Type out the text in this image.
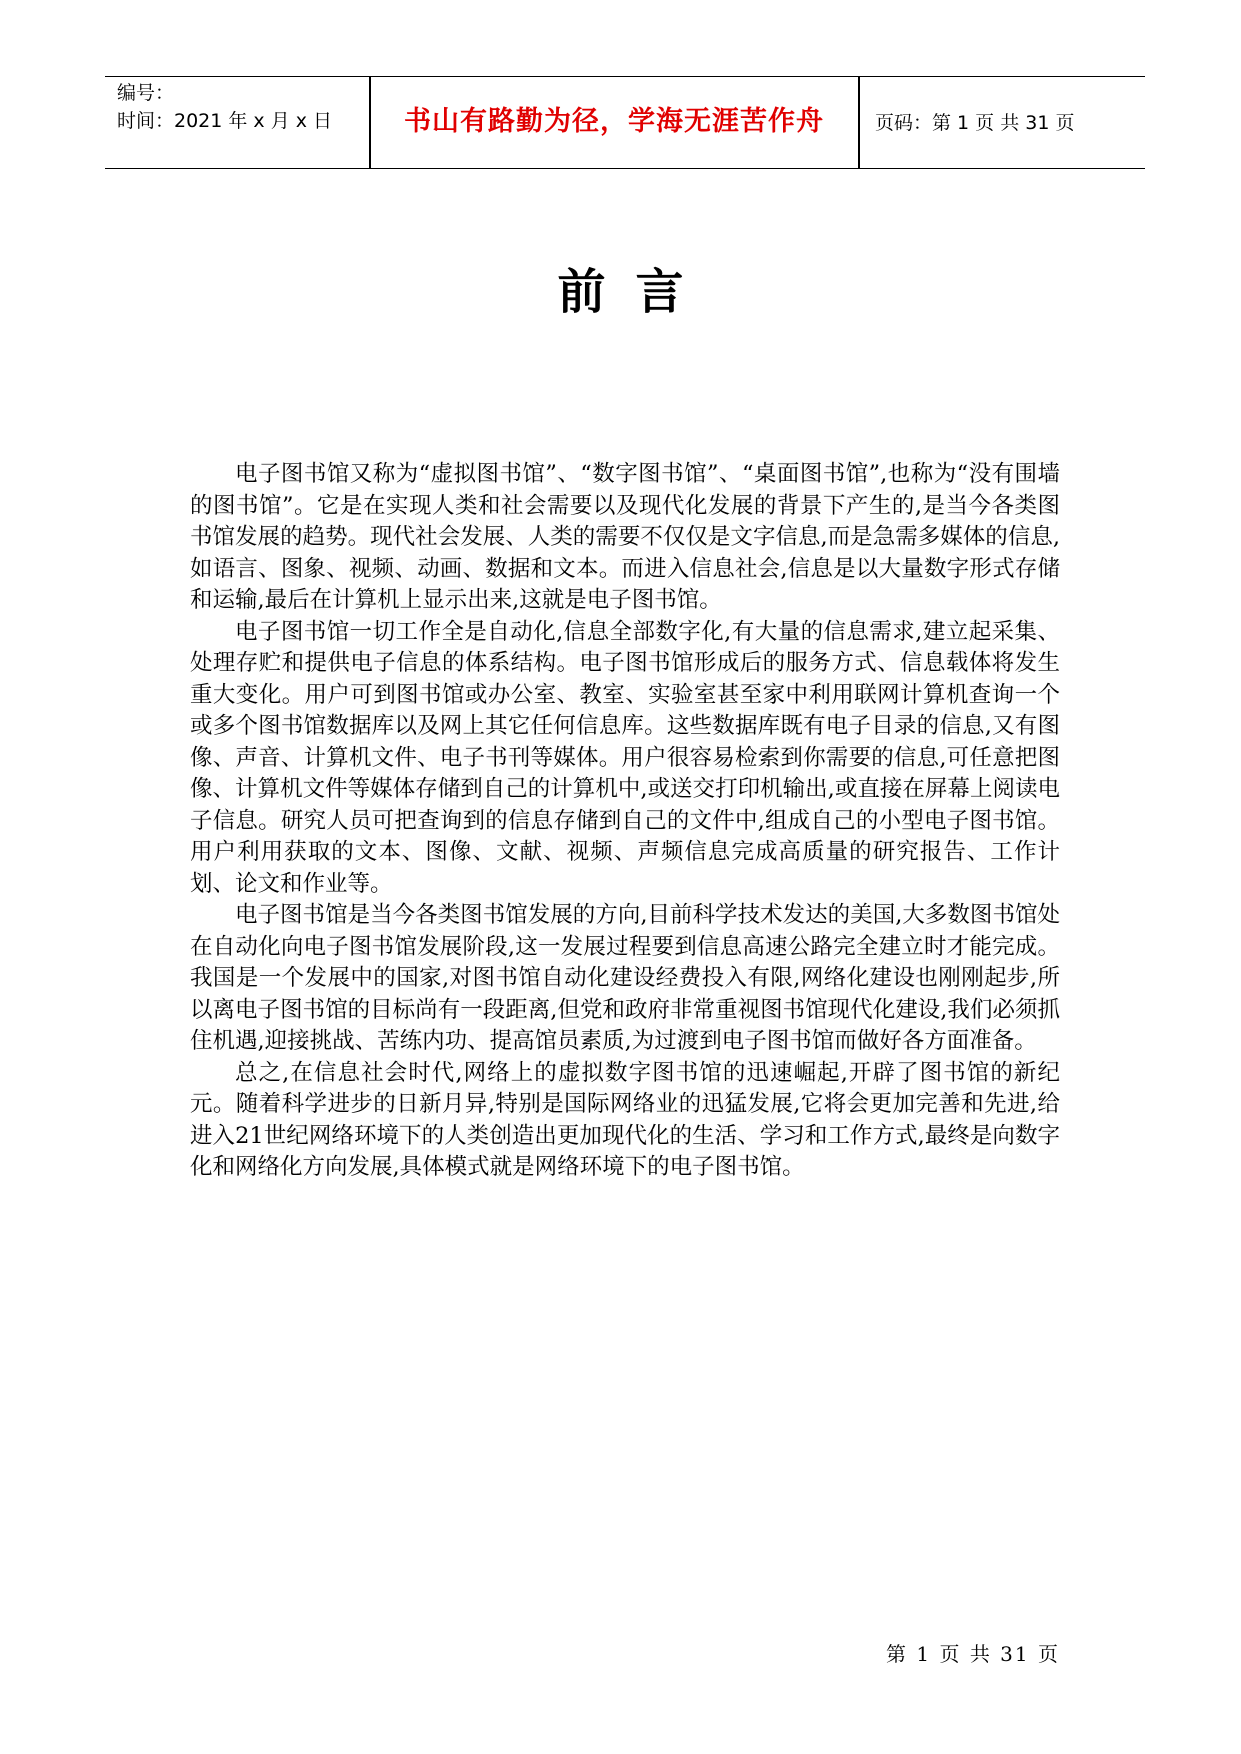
编号：
时间：2021 年 x 月 x 日	书山有路勤为径，学海无涯苦作舟	页码：第 1 页 共 31 页
前言

电子图书馆又称为“虚拟图书馆”、“数字图书馆”、“桌面图书馆”,也称为“没有围墙的图书馆”。它是在实现人类和社会需要以及现代化发展的背景下产生的,是当今各类图书馆发展的趋势。现代社会发展、人类的需要不仅仅是文字信息,而是急需多媒体的信息,如语言、图象、视频、动画、数据和文本。而进入信息社会,信息是以大量数字形式存储和运输,最后在计算机上显示出来,这就是电子图书馆。

电子图书馆一切工作全是自动化,信息全部数字化,有大量的信息需求,建立起采集、处理存贮和提供电子信息的体系结构。电子图书馆形成后的服务方式、信息载体将发生重大变化。用户可到图书馆或办公室、教室、实验室甚至家中利用联网计算机查询一个或多个图书馆数据库以及网上其它任何信息库。这些数据库既有电子目录的信息,又有图像、声音、计算机文件、电子书刊等媒体。用户很容易检索到你需要的信息,可任意把图像、计算机文件等媒体存储到自己的计算机中,或送交打印机输出,或直接在屏幕上阅读电子信息。研究人员可把查询到的信息存储到自己的文件中,组成自己的小型电子图书馆。用户利用获取的文本、图像、文献、视频、声频信息完成高质量的研究报告、工作计划、论文和作业等。

电子图书馆是当今各类图书馆发展的方向,目前科学技术发达的美国,大多数图书馆处在自动化向电子图书馆发展阶段,这一发展过程要到信息高速公路完全建立时才能完成。我国是一个发展中的国家,对图书馆自动化建设经费投入有限,网络化建设也刚刚起步,所以离电子图书馆的目标尚有一段距离,但党和政府非常重视图书馆现代化建设,我们必须抓住机遇,迎接挑战、苦练内功、提高馆员素质,为过渡到电子图书馆而做好各方面准备。

总之,在信息社会时代,网络上的虚拟数字图书馆的迅速崛起,开辟了图书馆的新纪元。随着科学进步的日新月异,特别是国际网络业的迅猛发展,它将会更加完善和先进,给进入21世纪网络环境下的人类创造出更加现代化的生活、学习和工作方式,最终是向数字化和网络化方向发展,具体模式就是网络环境下的电子图书馆。

第 1 页 共 31 页
